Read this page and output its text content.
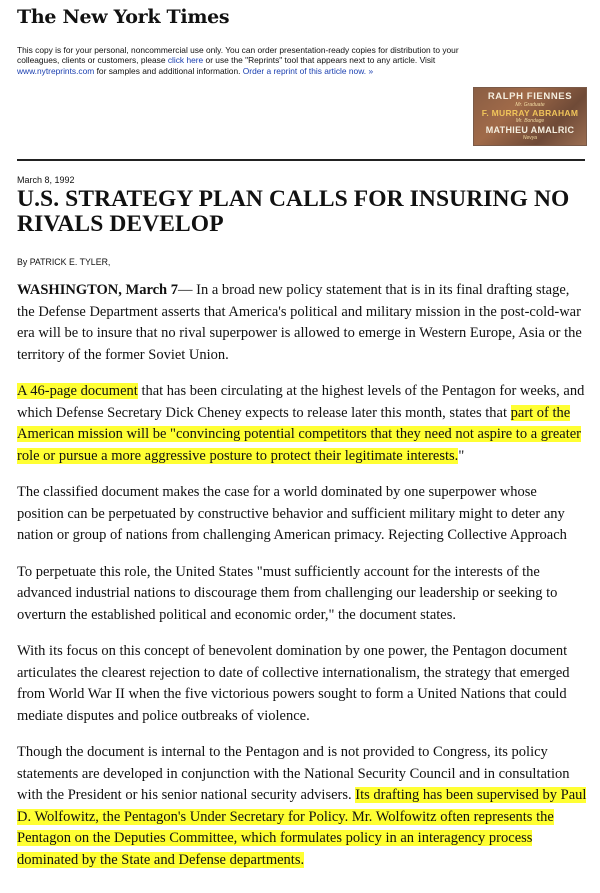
The New York Times
This copy is for your personal, noncommercial use only. You can order presentation-ready copies for distribution to your colleagues, clients or customers, please click here or use the "Reprints" tool that appears next to any article. Visit www.nytreprints.com for samples and additional information. Order a reprint of this article now. »
RALPH FIENNES
Mr. Graduate
F. MURRAY ABRAHAM
Mr. Bondage
MATHIEU AMALRIC
Nevya
March 8, 1992
U.S. STRATEGY PLAN CALLS FOR INSURING NO RIVALS DEVELOP
By PATRICK E. TYLER,

WASHINGTON, March 7— In a broad new policy statement that is in its final drafting stage, the Defense Department asserts that America's political and military mission in the post-cold-war era will be to insure that no rival superpower is allowed to emerge in Western Europe, Asia or the territory of the former Soviet Union.

A 46-page document that has been circulating at the highest levels of the Pentagon for weeks, and which Defense Secretary Dick Cheney expects to release later this month, states that part of the American mission will be "convincing potential competitors that they need not aspire to a greater role or pursue a more aggressive posture to protect their legitimate interests."

The classified document makes the case for a world dominated by one superpower whose position can be perpetuated by constructive behavior and sufficient military might to deter any nation or group of nations from challenging American primacy. Rejecting Collective Approach

To perpetuate this role, the United States "must sufficiently account for the interests of the advanced industrial nations to discourage them from challenging our leadership or seeking to overturn the established political and economic order," the document states.

With its focus on this concept of benevolent domination by one power, the Pentagon document articulates the clearest rejection to date of collective internationalism, the strategy that emerged from World War II when the five victorious powers sought to form a United Nations that could mediate disputes and police outbreaks of violence.

Though the document is internal to the Pentagon and is not provided to Congress, its policy statements are developed in conjunction with the National Security Council and in consultation with the President or his senior national security advisers. Its drafting has been supervised by Paul D. Wolfowitz, the Pentagon's Under Secretary for Policy. Mr. Wolfowitz often represents the Pentagon on the Deputies Committee, which formulates policy in an interagency process dominated by the State and Defense departments.
